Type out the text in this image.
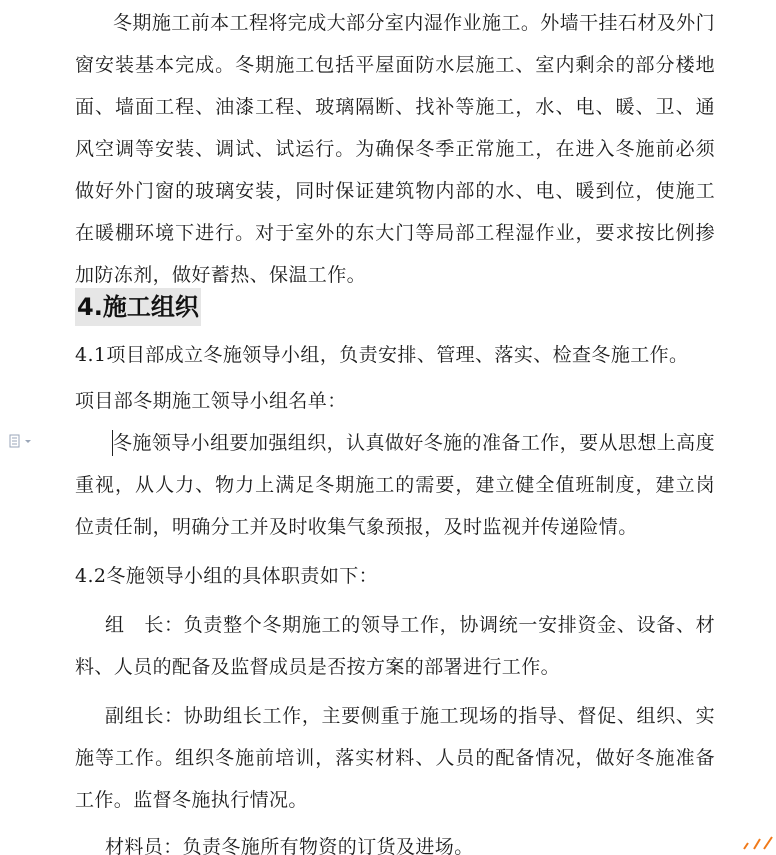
冬期施工前本工程将完成大部分室内湿作业施工。外墙干挂石材及外门窗安装基本完成。冬期施工包括平屋面防水层施工、室内剩余的部分楼地面、墙面工程、油漆工程、玻璃隔断、找补等施工，水、电、暖、卫、通风空调等安装、调试、试运行。为确保冬季正常施工，在进入冬施前必须做好外门窗的玻璃安装，同时保证建筑物内部的水、电、暖到位，使施工在暖棚环境下进行。对于室外的东大门等局部工程湿作业，要求按比例掺加防冻剂，做好蓄热、保温工作。

4.施工组织

4.1项目部成立冬施领导小组，负责安排、管理、落实、检查冬施工作。

项目部冬期施工领导小组名单：

冬施领导小组要加强组织，认真做好冬施的准备工作，要从思想上高度重视，从人力、物力上满足冬期施工的需要，建立健全值班制度，建立岗位责任制，明确分工并及时收集气象预报，及时监视并传递险情。

4.2冬施领导小组的具体职责如下：

组　长：负责整个冬期施工的领导工作，协调统一安排资金、设备、材料、人员的配备及监督成员是否按方案的部署进行工作。

副组长：协助组长工作，主要侧重于施工现场的指导、督促、组织、实施等工作。组织冬施前培训，落实材料、人员的配备情况，做好冬施准备工作。监督冬施执行情况。

材料员：负责冬施所有物资的订货及进场。
